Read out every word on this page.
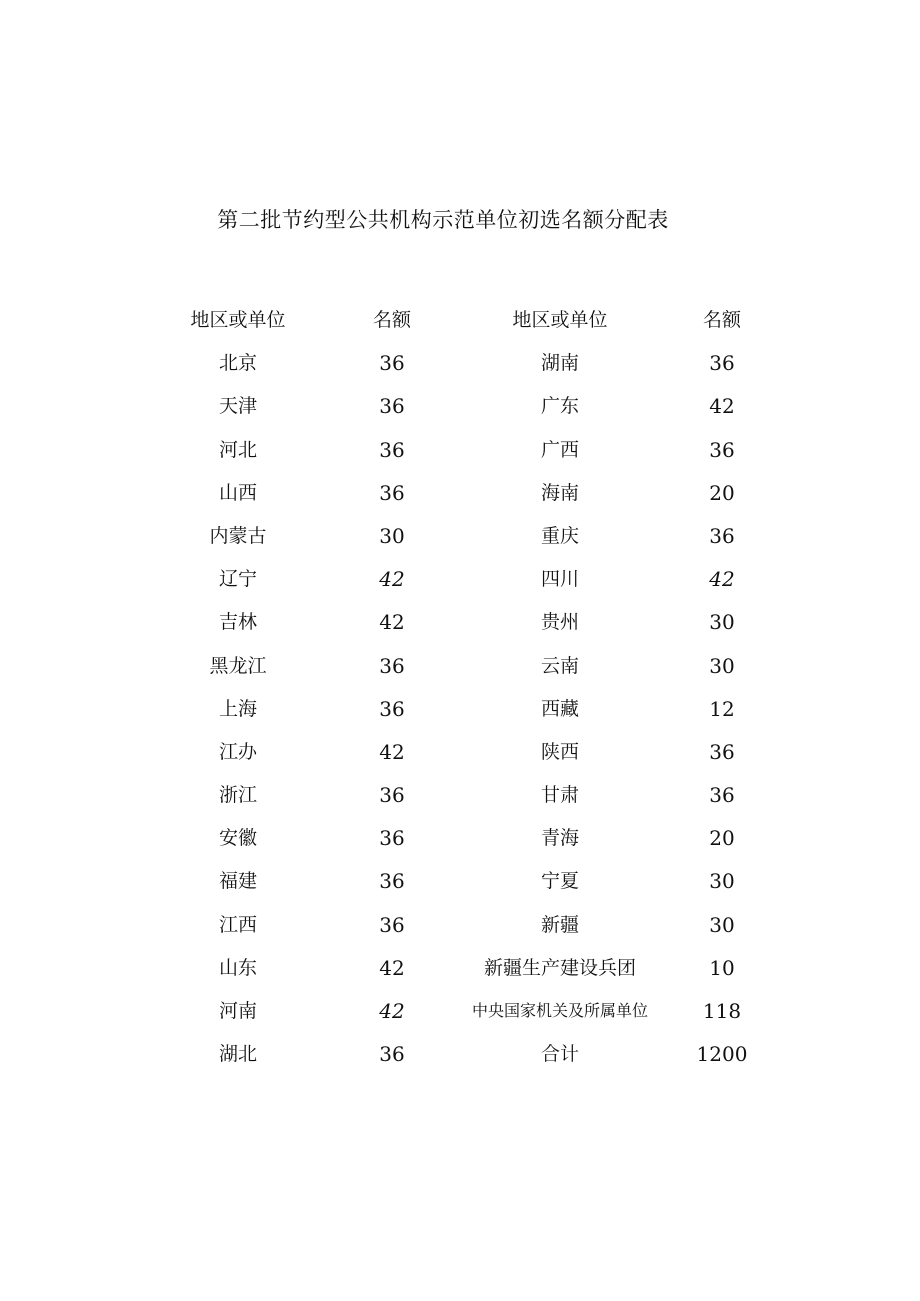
第二批节约型公共机构示范单位初选名额分配表
地区或单位	名额	地区或单位	名额
北京	36	湖南	36
天津	36	广东	42
河北	36	广西	36
山西	36	海南	20
内蒙古	30	重庆	36
辽宁	42	四川	42
吉林	42	贵州	30
黑龙江	36	云南	30
上海	36	西藏	12
江办	42	陕西	36
浙江	36	甘肃	36
安徽	36	青海	20
福建	36	宁夏	30
江西	36	新疆	30
山东	42	新疆生产建设兵团	10
河南	42	中央国家机关及所属单位	118
湖北	36	合计	1200
